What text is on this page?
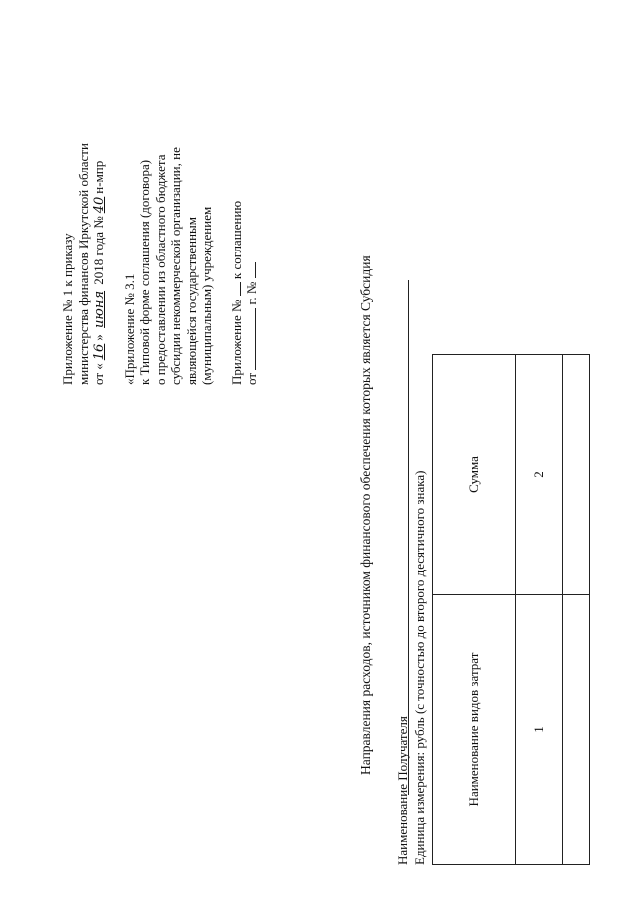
Приложение № 1 к приказу министерства финансов Иркутской области от «16» июня 2018 года №40н-мпр
«Приложение № 3.1 к Типовой форме соглашения (договора) о предоставлении из областного бюджета субсидии некоммерческой организации, не являющейся государственным (муниципальным) учреждением Приложение №  к соглашению
от  г. №	Направления расходов, источником финансового обеспечения которых является Субсидия
Наименование Получателя Единица измерения: рубль (с точностью до второго десятичного знака)	Наименование видов затрат	Сумма
1	2
